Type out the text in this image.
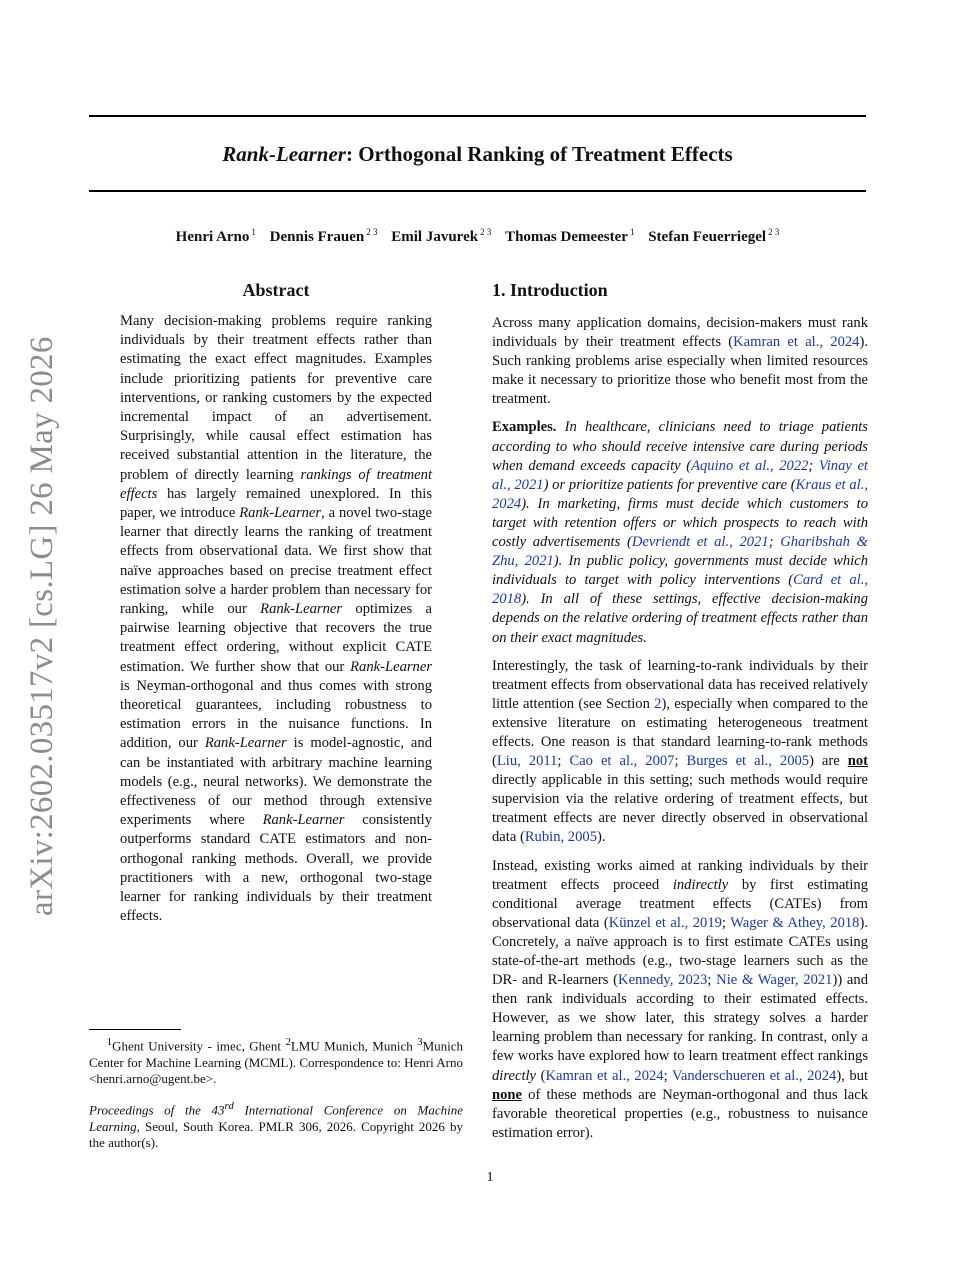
arXiv:2602.03517v2 [cs.LG] 26 May 2026
Rank-Learner: Orthogonal Ranking of Treatment Effects
Henri Arno $^1$ Dennis Frauen $^{2 3}$ Emil Javurek $^{2 3}$ Thomas Demeester $^1$ Stefan Feuerriegel $^{2 3}$
Abstract

Many decision-making problems require ranking individuals by their treatment effects rather than estimating the exact effect magnitudes. Examples include prioritizing patients for preventive care interventions, or ranking customers by the expected incremental impact of an advertisement. Surprisingly, while causal effect estimation has received substantial attention in the literature, the problem of directly learning rankings of treatment effects has largely remained unexplored. In this paper, we introduce Rank-Learner, a novel two-stage learner that directly learns the ranking of treatment effects from observational data. We first show that naïve approaches based on precise treatment effect estimation solve a harder problem than necessary for ranking, while our Rank-Learner optimizes a pairwise learning objective that recovers the true treatment effect ordering, without explicit CATE estimation. We further show that our Rank-Learner is Neyman-orthogonal and thus comes with strong theoretical guarantees, including robustness to estimation errors in the nuisance functions. In addition, our Rank-Learner is model-agnostic, and can be instantiated with arbitrary machine learning models (e.g., neural networks). We demonstrate the effectiveness of our method through extensive experiments where Rank-Learner consistently outperforms standard CATE estimators and non-orthogonal ranking methods. Overall, we provide practitioners with a new, orthogonal two-stage learner for ranking individuals by their treatment effects.

1. Introduction

Across many application domains, decision-makers must rank individuals by their treatment effects (Kamran et al., 2024). Such ranking problems arise especially when limited resources make it necessary to prioritize those who benefit most from the treatment.

Examples. In healthcare, clinicians need to triage patients according to who should receive intensive care during periods when demand exceeds capacity (Aquino et al., 2022; Vinay et al., 2021) or prioritize patients for preventive care (Kraus et al., 2024). In marketing, firms must decide which customers to target with retention offers or which prospects to reach with costly advertisements (Devriendt et al., 2021; Gharibshah & Zhu, 2021). In public policy, governments must decide which individuals to target with policy interventions (Card et al., 2018). In all of these settings, effective decision-making depends on the relative ordering of treatment effects rather than on their exact magnitudes.

Interestingly, the task of learning-to-rank individuals by their treatment effects from observational data has received relatively little attention (see Section 2), especially when compared to the extensive literature on estimating heterogeneous treatment effects. One reason is that standard learning-to-rank methods (Liu, 2011; Cao et al., 2007; Burges et al., 2005) are not directly applicable in this setting; such methods would require supervision via the relative ordering of treatment effects, but treatment effects are never directly observed in observational data (Rubin, 2005).

Instead, existing works aimed at ranking individuals by their treatment effects proceed indirectly by first estimating conditional average treatment effects (CATEs) from observational data (Künzel et al., 2019; Wager & Athey, 2018). Concretely, a naïve approach is to first estimate CATEs using state-of-the-art methods (e.g., two-stage learners such as the DR- and R-learners (Kennedy, 2023; Nie & Wager, 2021)) and then rank individuals according to their estimated effects. However, as we show later, this strategy solves a harder learning problem than necessary for ranking. In contrast, only a few works have explored how to learn treatment effect rankings directly (Kamran et al., 2024; Vanderschueren et al., 2024), but none of these methods are Neyman-orthogonal and thus lack favorable theoretical properties (e.g., robustness to nuisance estimation error).

$^1$Ghent University - imec, Ghent $^2$LMU Munich, Munich $^3$Munich Center for Machine Learning (MCML). Correspondence to: Henri Arno <henri.arno@ugent.be>.

Proceedings of the 43rd International Conference on Machine Learning, Seoul, South Korea. PMLR 306, 2026. Copyright 2026 by the author(s).

1
